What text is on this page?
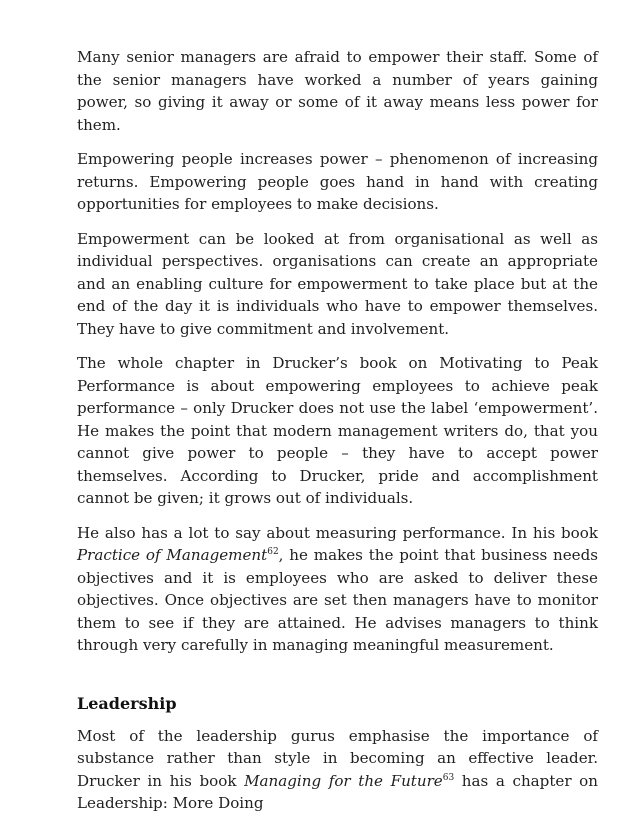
Many senior managers are afraid to empower their staff. Some of the senior managers have worked a number of years gaining power, so giving it away or some of it away means less power for them.

Empowering people increases power – phenomenon of increasing returns. Empowering people goes hand in hand with creating opportunities for employees to make decisions.

Empowerment can be looked at from organisational as well as individual perspectives. organisations can create an appropriate and an enabling culture for empowerment to take place but at the end of the day it is individuals who have to empower themselves. They have to give commitment and involvement.

The whole chapter in Drucker’s book on Motivating to Peak Performance is about empowering employees to achieve peak performance – only Drucker does not use the label ‘empowerment’. He makes the point that modern management writers do, that you cannot give power to people – they have to accept power themselves. According to Drucker, pride and accomplishment cannot be given; it grows out of individuals.

He also has a lot to say about measuring performance. In his book Practice of Management$^{62}$, he makes the point that business needs objectives and it is employees who are asked to deliver these objectives. Once objectives are set then managers have to monitor them to see if they are attained. He advises managers to think through very carefully in managing meaningful measurement.

Leadership

Most of the leadership gurus emphasise the importance of substance rather than style in becoming an effective leader. Drucker in his book Managing for the Future$^{63}$ has a chapter on Leadership: More Doing
